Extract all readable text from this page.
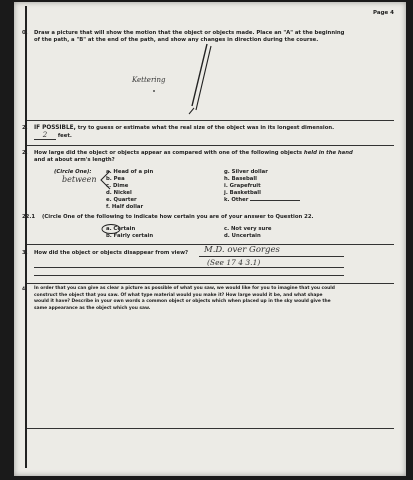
Page 4
0. Draw a picture that will show the motion that the object or objects made. Place an "A" at the beginning
of the path, a "B" at the end of the path, and show any changes in direction during the course.
Kettering
2. IF POSSIBLE, try to guess or estimate what the real size of the object was in its longest dimension.
2 feet.
2. How large did the object or objects appear as compared with one of the following objects held in the hand
and at about arm's length?
(Circle One):
between
a. Head of a pin
b. Pea
c. Dime
d. Nickel
e. Quarter
f. Half dollar
g. Silver dollar
h. Baseball
i. Grapefruit
j. Basketball
k. Other
22.1 (Circle One of the following to indicate how certain you are of your answer to Question 22.
a. Certain
b. Fairly certain
c. Not very sure
d. Uncertain
3. How did the object or objects disappear from view? M.D. over Gorges
(See 17 4 3.1)
4. In order that you can give as clear a picture as possible of what you saw, we would like for you to imagine that you could
construct the object that you saw. Of what type material would you make it? How large would it be, and what shape
would it have? Describe in your own words a common object or objects which when placed up in the sky would give the
same appearance as the object which you saw.
